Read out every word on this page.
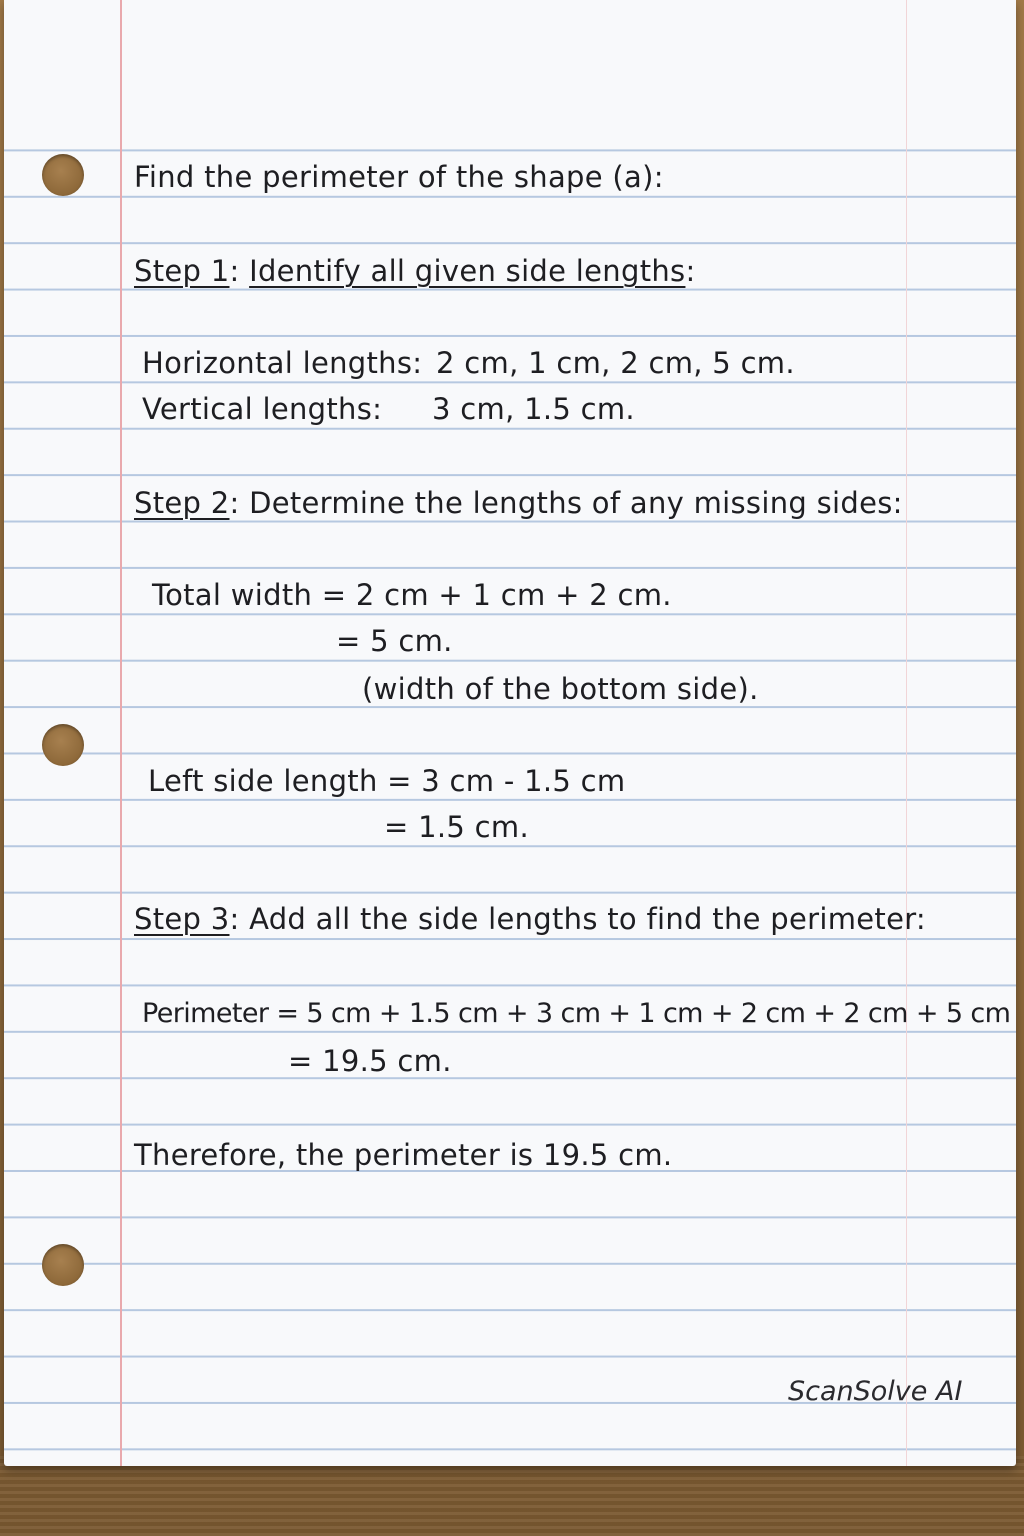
Find the perimeter of the shape (a):
Step 1: Identify all given side lengths:
Horizontal lengths: 2 cm, 1 cm, 2 cm, 5 cm.
Vertical lengths: 3 cm, 1.5 cm.
Step 2: Determine the lengths of any missing sides:
Total width = 2 cm + 1 cm + 2 cm.
= 5 cm.
(width of the bottom side).
Left side length = 3 cm - 1.5 cm
= 1.5 cm.
Step 3: Add all the side lengths to find the perimeter:
Perimeter = 5 cm + 1.5 cm + 3 cm + 1 cm + 2 cm + 2 cm + 5 cm
= 19.5 cm.
Therefore, the perimeter is 19.5 cm.
ScanSolve AI
